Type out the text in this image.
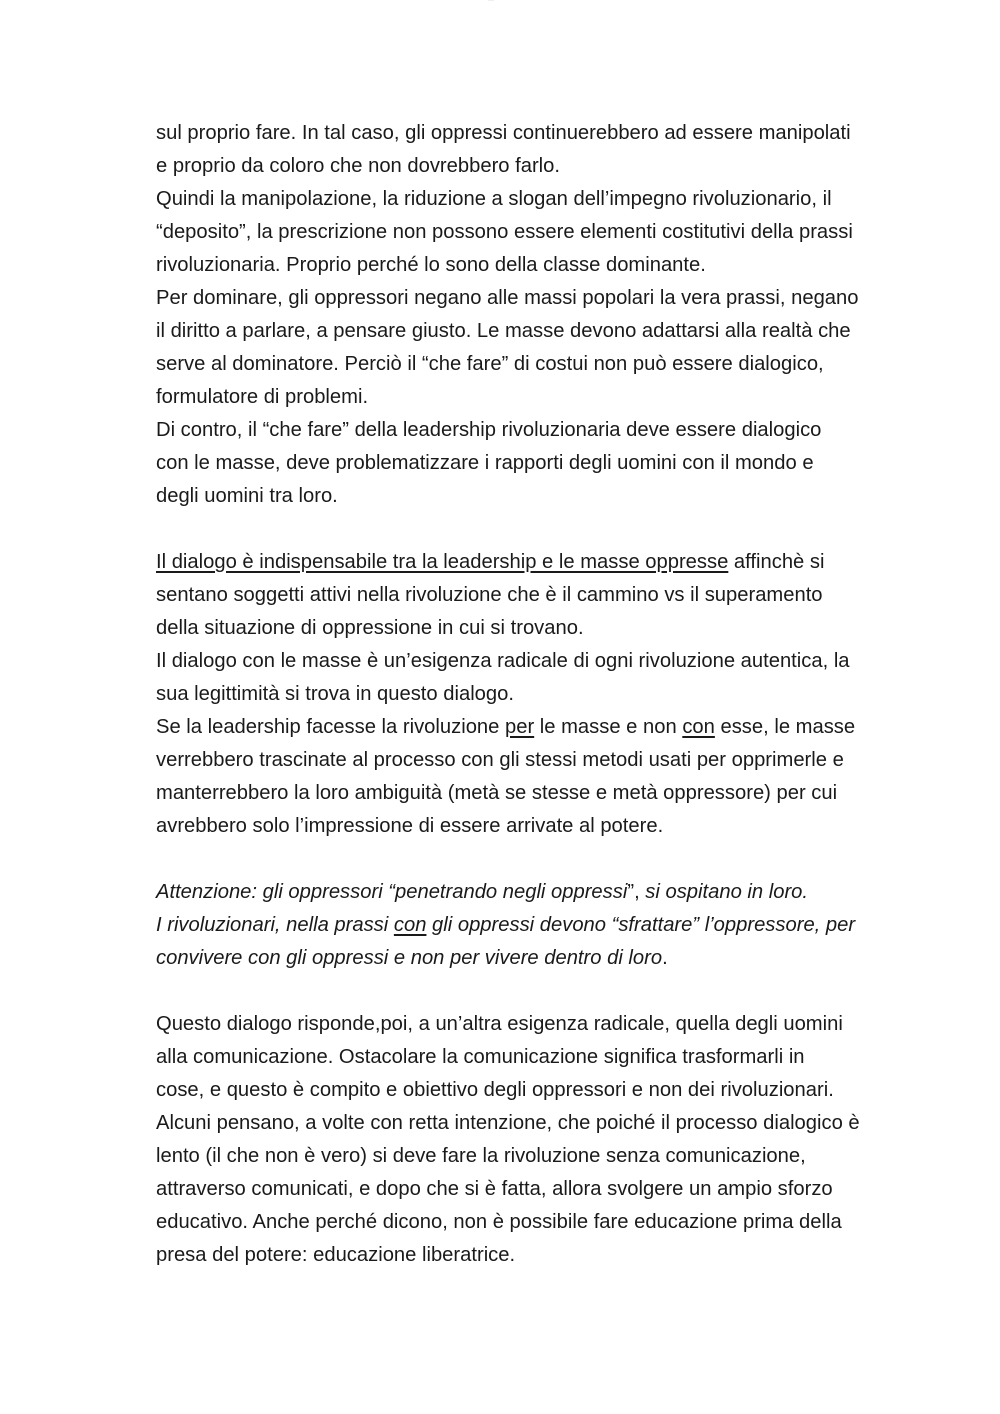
———
sul proprio fare. In tal caso, gli oppressi continuerebbero ad essere manipolati
e proprio da coloro che non dovrebbero farlo.
Quindi la manipolazione, la riduzione a slogan dell’impegno rivoluzionario, il
“deposito”, la prescrizione non possono essere elementi costitutivi della prassi
rivoluzionaria. Proprio perché lo sono della classe dominante.
Per dominare, gli oppressori negano alle massi popolari la vera prassi, negano
il diritto a parlare, a pensare giusto. Le masse devono adattarsi alla realtà che
serve al dominatore. Perciò il “che fare” di costui non può essere dialogico,
formulatore di problemi.
Di contro, il “che fare” della leadership rivoluzionaria deve essere dialogico
con le masse, deve problematizzare i rapporti degli uomini con il mondo e
degli uomini tra loro.
Il dialogo è indispensabile tra la leadership e le masse oppresse affinchè si
sentano soggetti attivi nella rivoluzione che è il cammino vs il superamento
della situazione di oppressione in cui si trovano.
Il dialogo con le masse è un’esigenza radicale di ogni rivoluzione autentica, la
sua legittimità si trova in questo dialogo.
Se la leadership facesse la rivoluzione per le masse e non con esse, le masse
verrebbero trascinate al processo con gli stessi metodi usati per opprimerle e
manterrebbero la loro ambiguità (metà se stesse e metà oppressore) per cui
avrebbero solo l’impressione di essere arrivate al potere.
Attenzione: gli oppressori “penetrando negli oppressi”, si ospitano in loro.
I rivoluzionari, nella prassi con gli oppressi devono “sfrattare” l’oppressore, per
convivere con gli oppressi e non per vivere dentro di loro.
Questo dialogo risponde,poi, a un’altra esigenza radicale, quella degli uomini
alla comunicazione. Ostacolare la comunicazione significa trasformarli in
cose, e questo è compito e obiettivo degli oppressori e non dei rivoluzionari.
Alcuni pensano, a volte con retta intenzione, che poiché il processo dialogico è
lento (il che non è vero) si deve fare la rivoluzione senza comunicazione,
attraverso comunicati, e dopo che si è fatta, allora svolgere un ampio sforzo
educativo. Anche perché dicono, non è possibile fare educazione prima della
presa del potere: educazione liberatrice.
